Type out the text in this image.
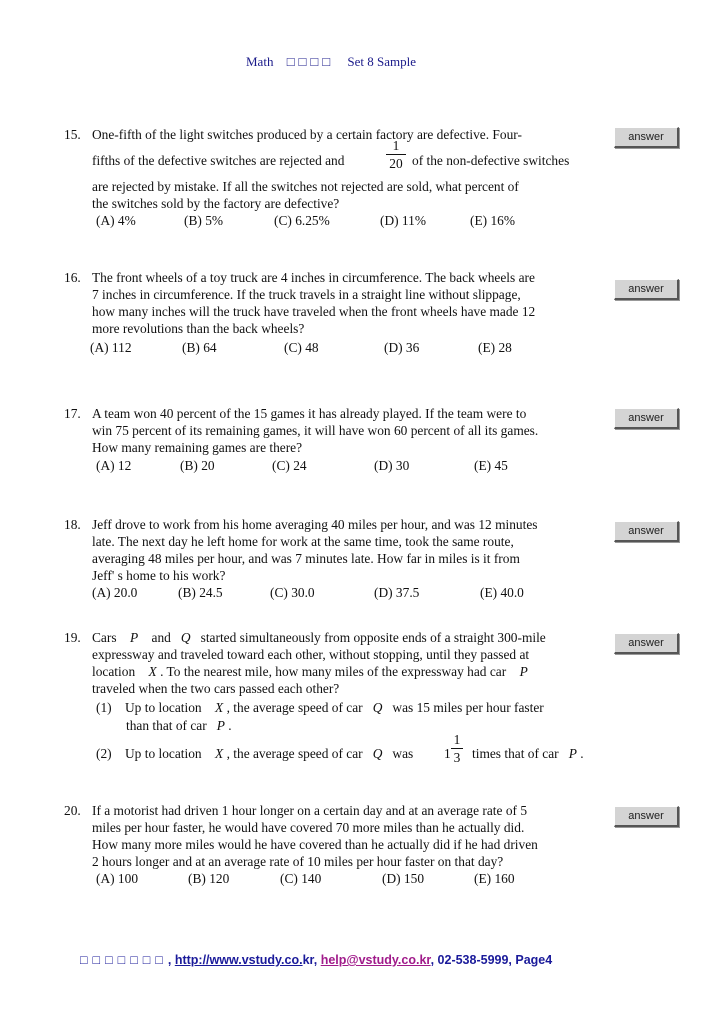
Math □□□□ Set 8 Sample
15. One-fifth of the light switches produced by a certain factory are defective. Four-
fifths of the defective switches are rejected and
1
20 of the non-defective switches
are rejected by mistake. If all the switches not rejected are sold, what percent of
the switches sold by the factory are defective?
(A) 4%	(B) 5%	(C) 6.25%	(D) 11%	(E) 16%
answer
16. The front wheels of a toy truck are 4 inches in circumference. The back wheels are
7 inches in circumference. If the truck travels in a straight line without slippage,
how many inches will the truck have traveled when the front wheels have made 12
more revolutions than the back wheels?
(A) 112	(B) 64	(C) 48	(D) 36	(E) 28
answer
17. A team won 40 percent of the 15 games it has already played. If the team were to
win 75 percent of its remaining games, it will have won 60 percent of all its games.
How many remaining games are there?
(A) 12	(B) 20	(C) 24	(D) 30	(E) 45
answer
18. Jeff drove to work from his home averaging 40 miles per hour, and was 12 minutes
late. The next day he left home for work at the same time, took the same route,
averaging 48 miles per hour, and was 7 minutes late. How far in miles is it from
Jeff' s home to his work?
(A) 20.0	(B) 24.5	(C) 30.0	(D) 37.5	(E) 40.0
answer
19. Cars P and Q started simultaneously from opposite ends of a straight 300-mile
expressway and traveled toward each other, without stopping, until they passed at
location X . To the nearest mile, how many miles of the expressway had car P
traveled when the two cars passed each other?
(1) Up to location X , the average speed of car Q was 15 miles per hour faster
than that of car P .
(2) Up to location X , the average speed of car Q was 1
1
3 times that of car P .
answer
20. If a motorist had driven 1 hour longer on a certain day and at an average rate of 5
miles per hour faster, he would have covered 70 more miles than he actually did.
How many more miles would he have covered than he actually did if he had driven
2 hours longer and at an average rate of 10 miles per hour faster on that day?
(A) 100	(B) 120	(C) 140	(D) 150	(E) 160
answer
□□□□□□□, http://www.vstudy.co.kr, help@vstudy.co.kr, 02-538-5999, Page4
